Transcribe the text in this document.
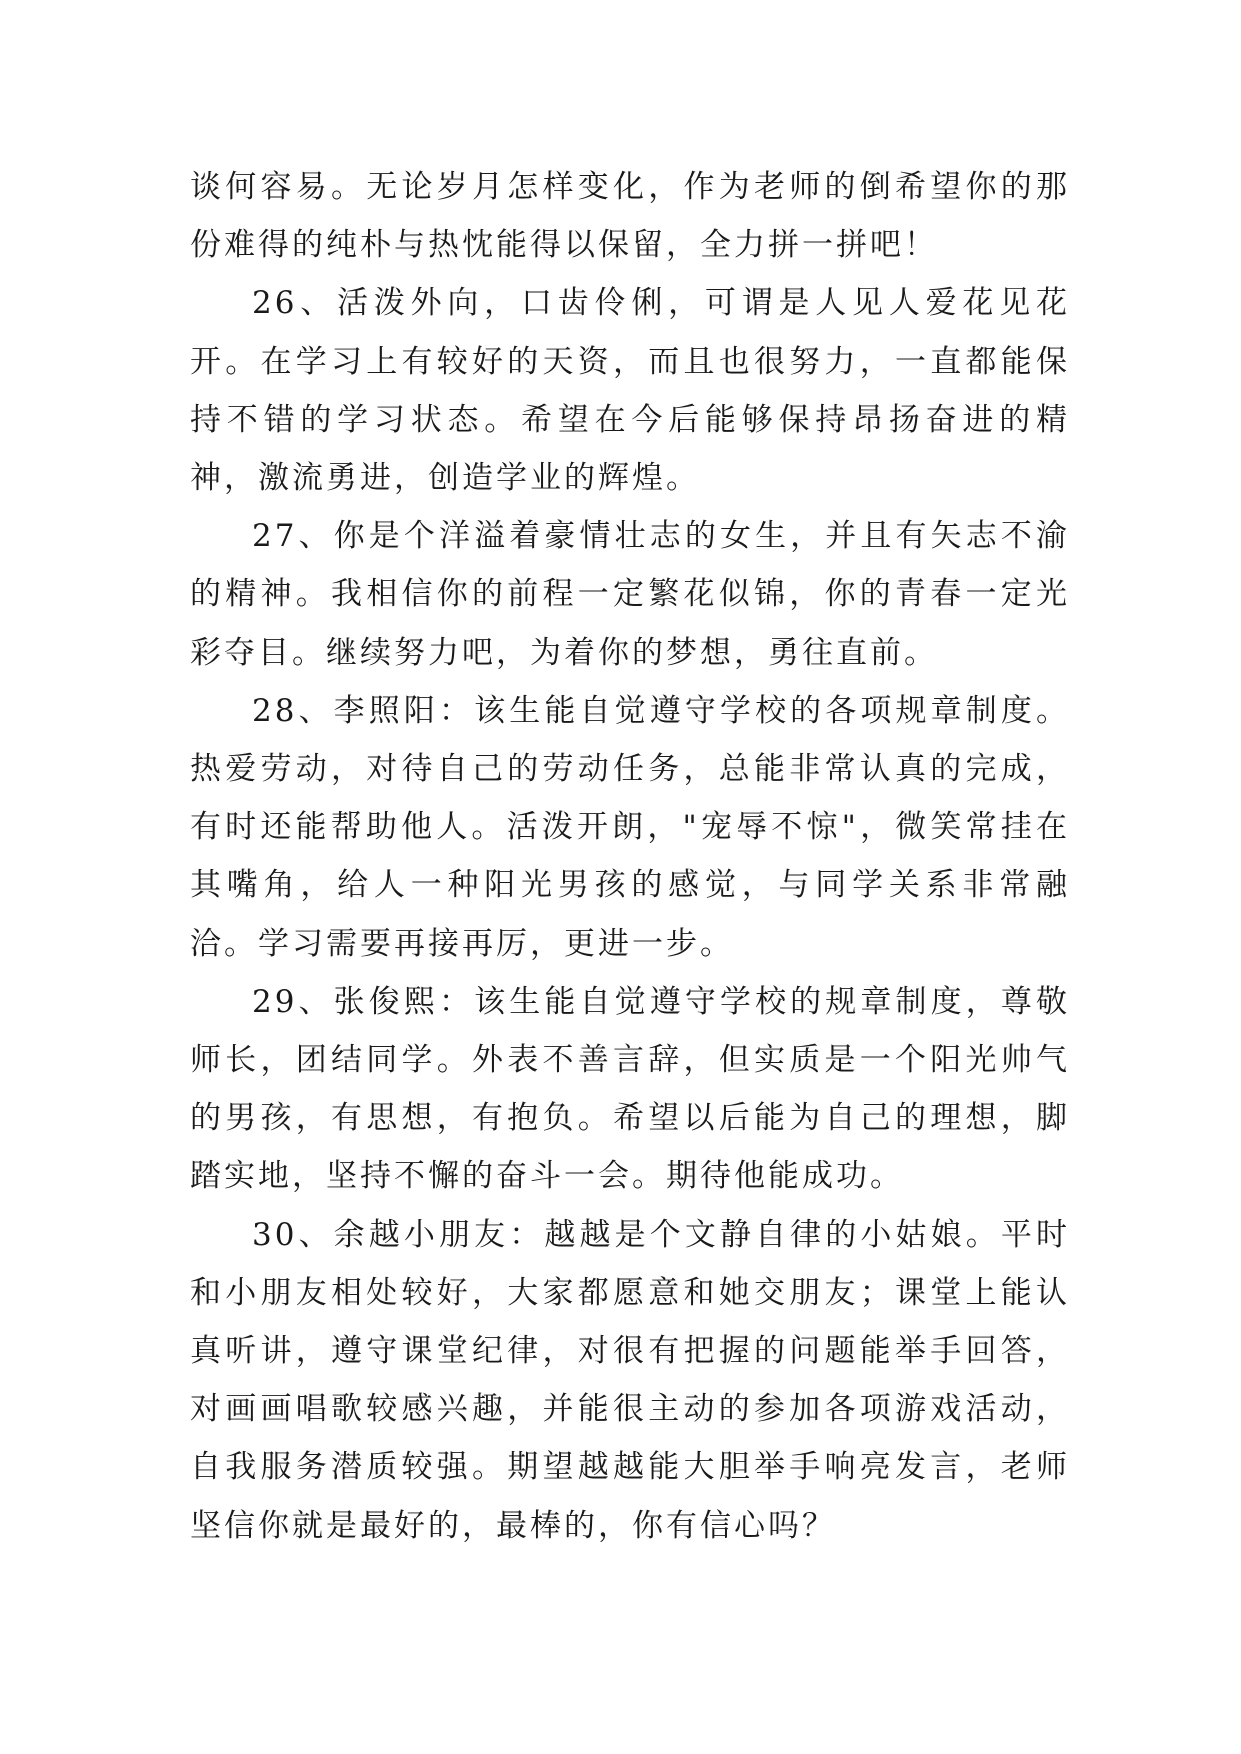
谈何容易。无论岁月怎样变化，作为老师的倒希望你的那份难得的纯朴与热忱能得以保留，全力拼一拼吧！

26、活泼外向，口齿伶俐，可谓是人见人爱花见花开。在学习上有较好的天资，而且也很努力，一直都能保持不错的学习状态。希望在今后能够保持昂扬奋进的精神，激流勇进，创造学业的辉煌。

27、你是个洋溢着豪情壮志的女生，并且有矢志不渝的精神。我相信你的前程一定繁花似锦，你的青春一定光彩夺目。继续努力吧，为着你的梦想，勇往直前。

28、李照阳：该生能自觉遵守学校的各项规章制度。热爱劳动，对待自己的劳动任务，总能非常认真的完成，有时还能帮助他人。活泼开朗，"宠辱不惊"，微笑常挂在其嘴角，给人一种阳光男孩的感觉，与同学关系非常融洽。学习需要再接再厉，更进一步。

29、张俊熙：该生能自觉遵守学校的规章制度，尊敬师长，团结同学。外表不善言辞，但实质是一个阳光帅气的男孩，有思想，有抱负。希望以后能为自己的理想，脚踏实地，坚持不懈的奋斗一会。期待他能成功。

30、余越小朋友：越越是个文静自律的小姑娘。平时和小朋友相处较好，大家都愿意和她交朋友；课堂上能认真听讲，遵守课堂纪律，对很有把握的问题能举手回答，对画画唱歌较感兴趣，并能很主动的参加各项游戏活动，自我服务潜质较强。期望越越能大胆举手响亮发言，老师坚信你就是最好的，最棒的，你有信心吗？
